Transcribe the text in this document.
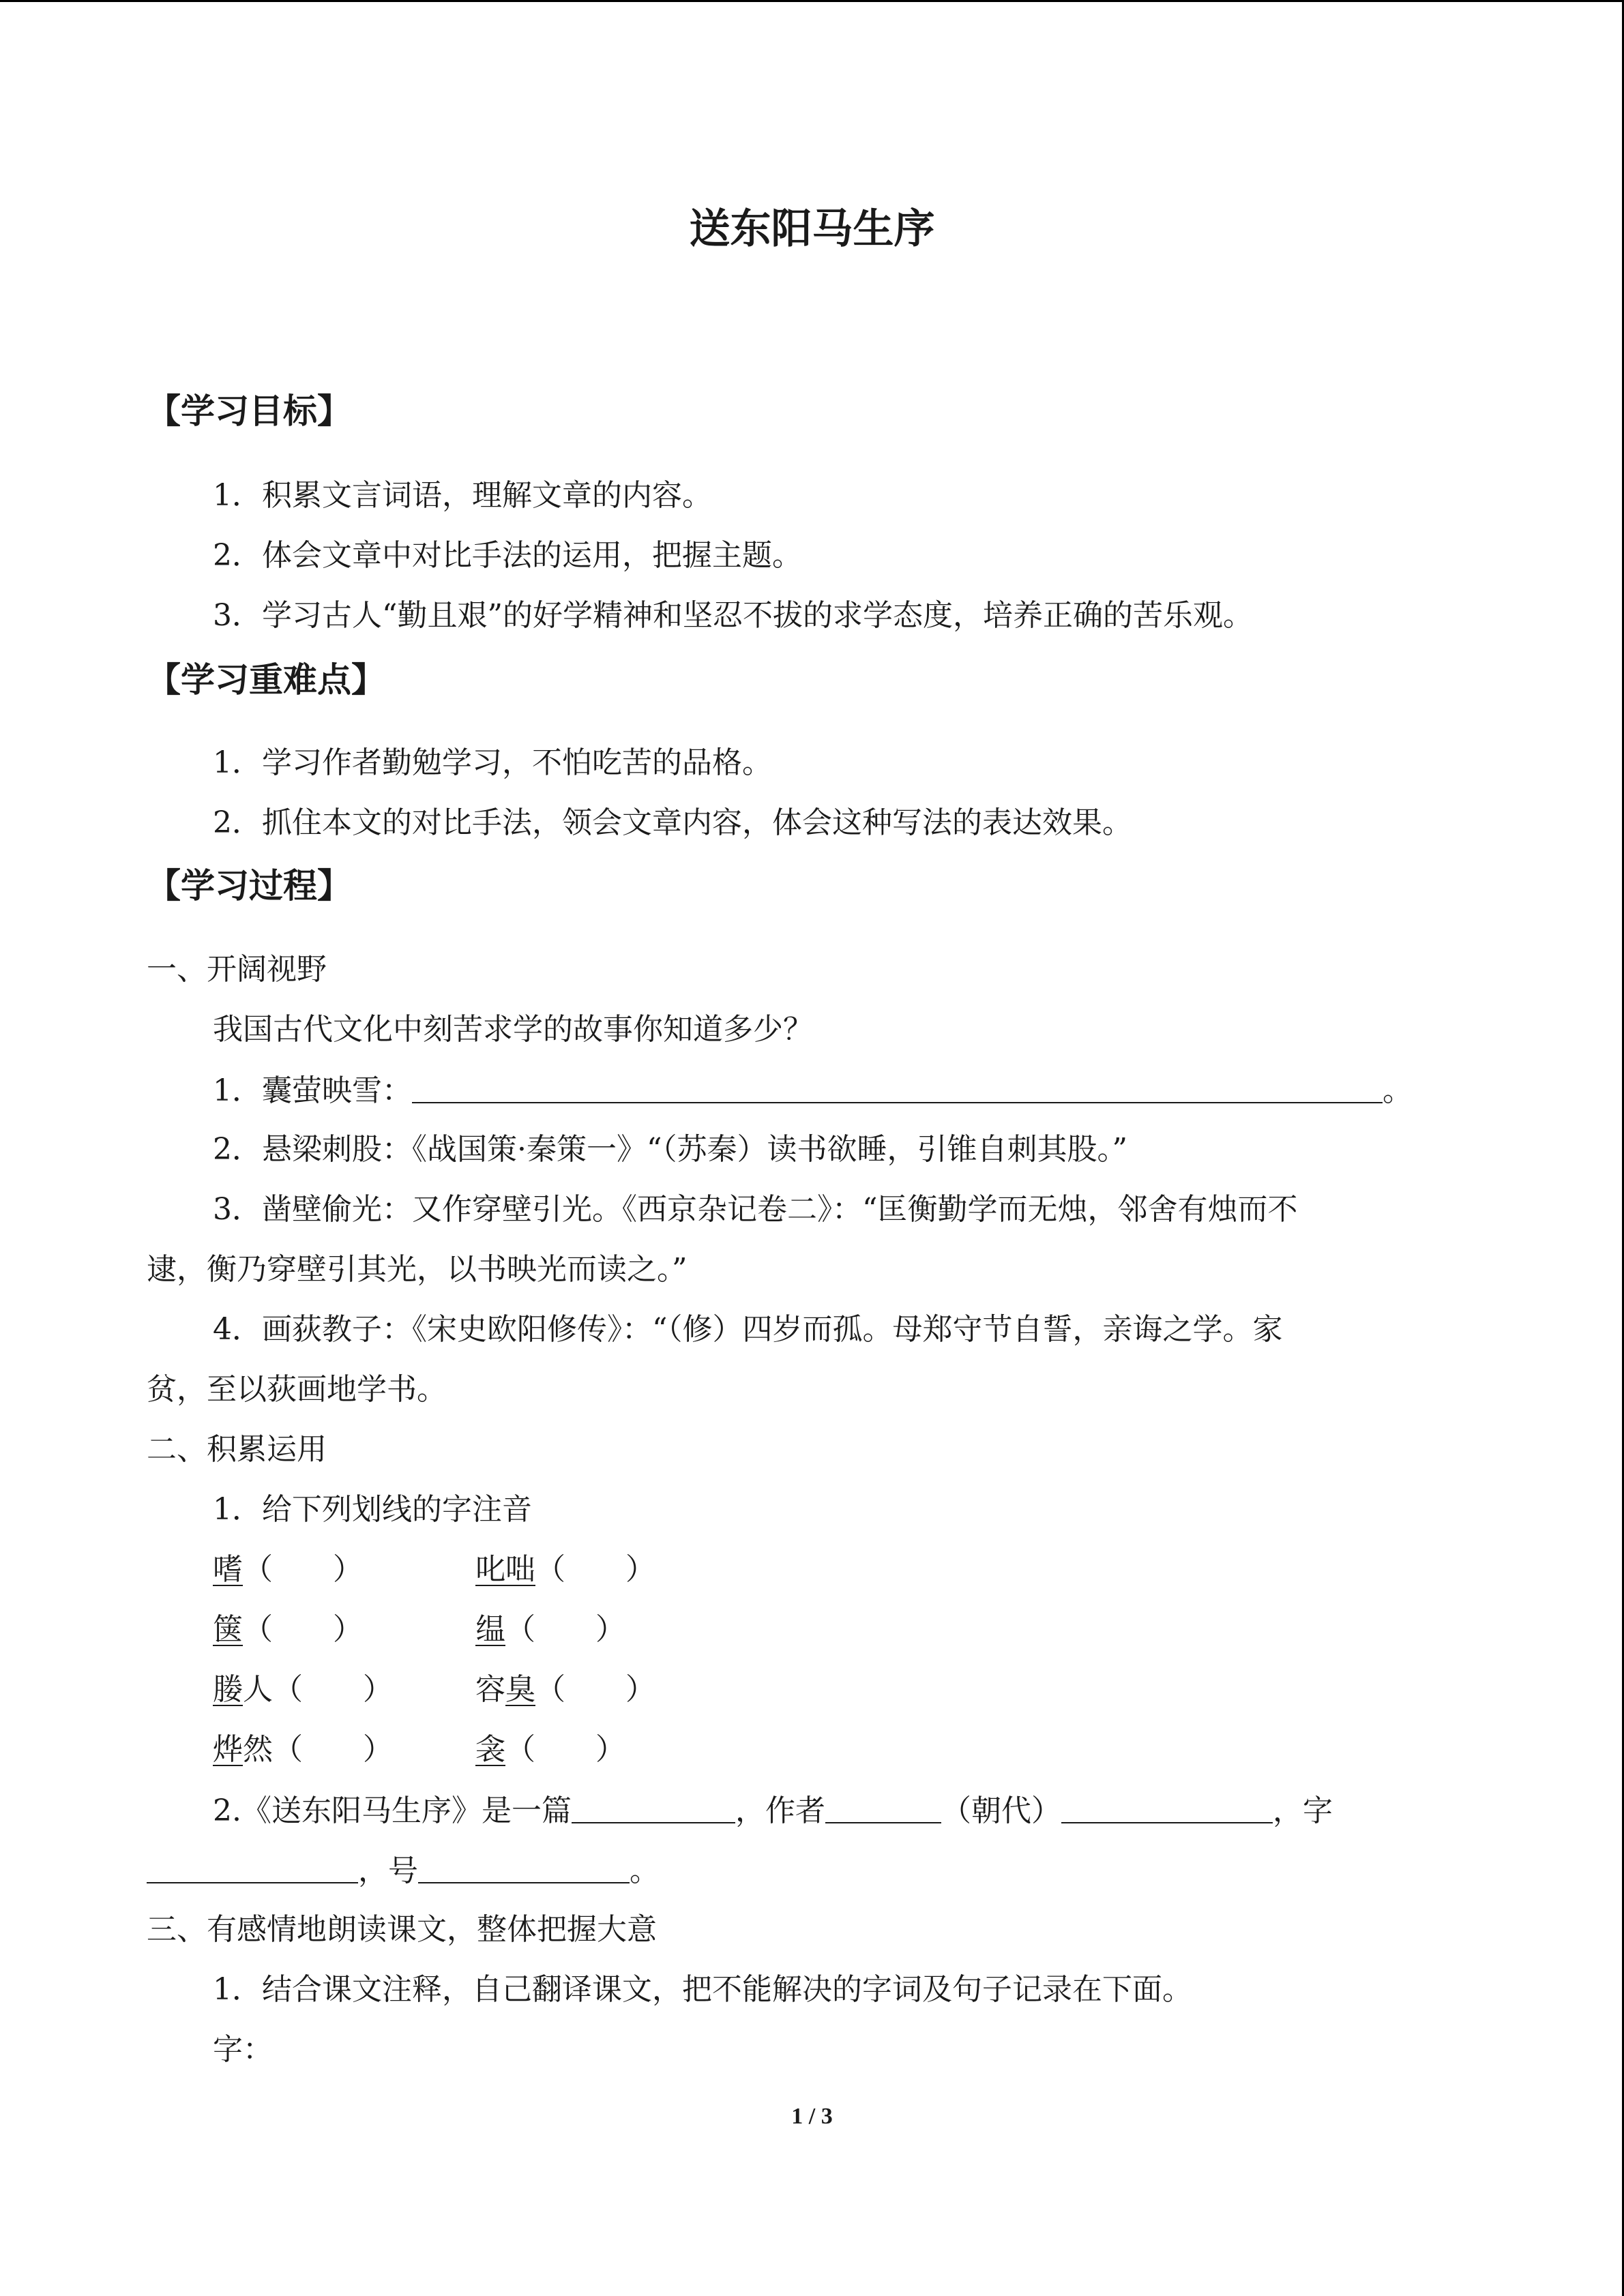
送东阳马生序
【学习目标】
1．积累文言词语，理解文章的内容。
2．体会文章中对比手法的运用，把握主题。
3．学习古人“勤且艰”的好学精神和坚忍不拔的求学态度，培养正确的苦乐观。
【学习重难点】
1．学习作者勤勉学习，不怕吃苦的品格。
2．抓住本文的对比手法，领会文章内容，体会这种写法的表达效果。
【学习过程】
一、开阔视野
我国古代文化中刻苦求学的故事你知道多少？
1．囊萤映雪：	。
2．悬梁刺股：《战国策·秦策一》“（苏秦）读书欲睡，引锥自刺其股。”
3．凿壁偷光：又作穿壁引光。《西京杂记卷二》：“匡衡勤学而无烛，邻舍有烛而不
逮，衡乃穿壁引其光，以书映光而读之。”
4．画荻教子：《宋史欧阳修传》：“（修）四岁而孤。母郑守节自誓，亲诲之学。家
贫，至以荻画地学书。
二、积累运用
1．给下列划线的字注音
嗜（　　）	叱咄（　　）
箧（　　）	缊（　　）
媵人（　　）	容臭（　　）
烨然（　　）	衾（　　）
2.《送东阳马生序》是一篇	，作者	（朝代）	，字
，号	。
三、有感情地朗读课文，整体把握大意
1．结合课文注释，自己翻译课文，把不能解决的字词及句子记录在下面。
字：
1 / 3
